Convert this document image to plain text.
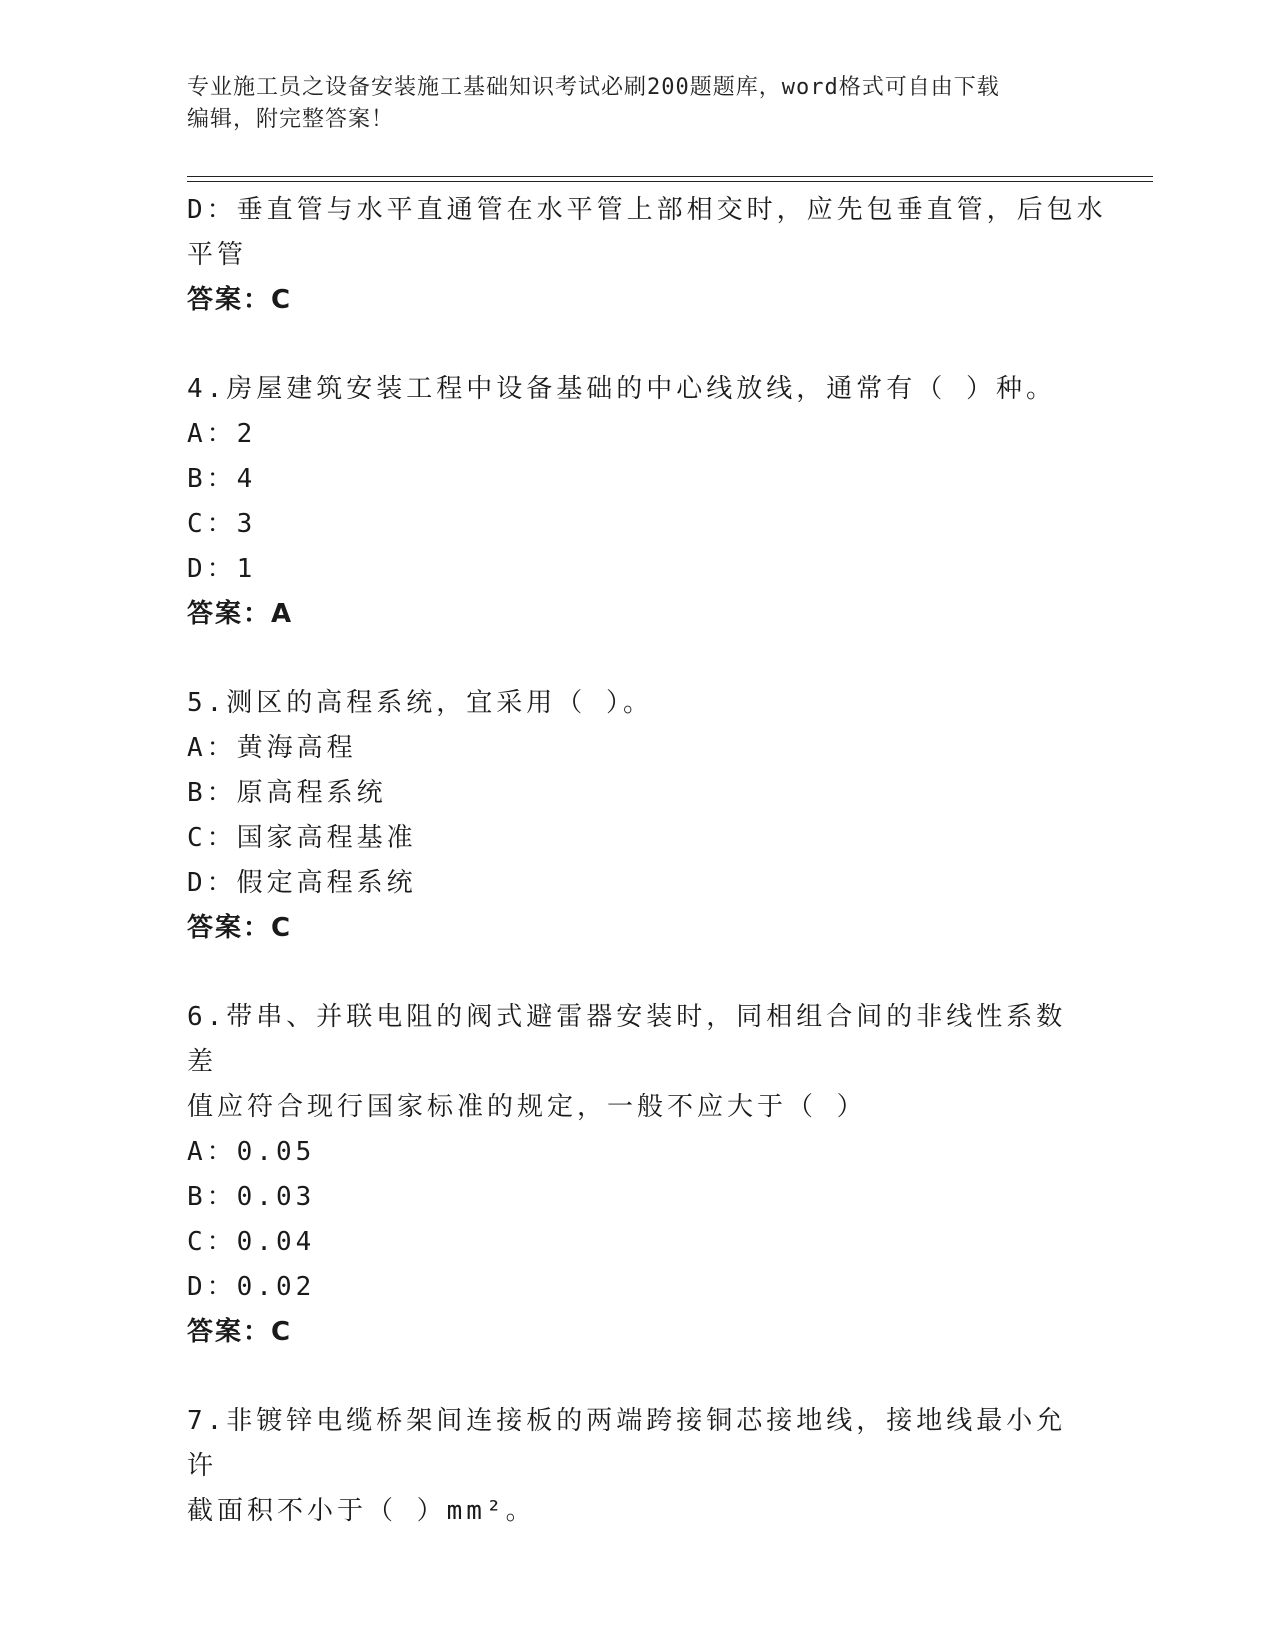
专业施工员之设备安装施工基础知识考试必刷200题题库，word格式可自由下载
编辑，附完整答案！
D：垂直管与水平直通管在水平管上部相交时，应先包垂直管，后包水
平管
答案：C
4.房屋建筑安装工程中设备基础的中心线放线，通常有（ ）种。
A：2
B：4
C：3
D：1
答案：A
5.测区的高程系统，宜采用（ ）。
A：黄海高程
B：原高程系统
C：国家高程基准
D：假定高程系统
答案：C
6.带串、并联电阻的阀式避雷器安装时，同相组合间的非线性系数差
值应符合现行国家标准的规定，一般不应大于（ ）
A：0.05
B：0.03
C：0.04
D：0.02
答案：C
7.非镀锌电缆桥架间连接板的两端跨接铜芯接地线，接地线最小允许
截面积不小于（ ）mm²。
